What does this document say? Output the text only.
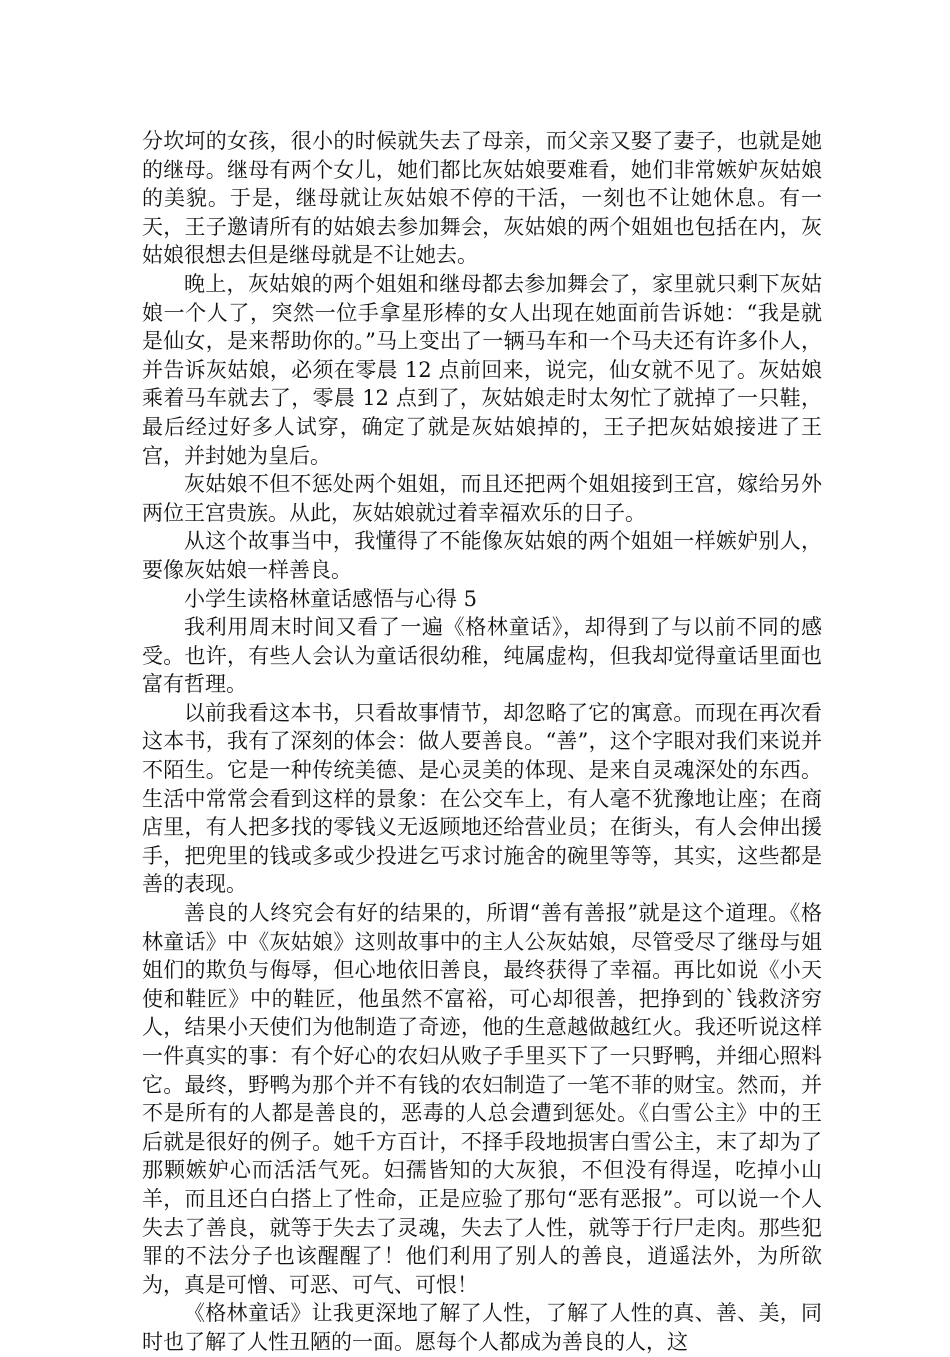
分坎坷的女孩，很小的时候就失去了母亲，而父亲又娶了妻子，也就是她的继母。继母有两个女儿，她们都比灰姑娘要难看，她们非常嫉妒灰姑娘的美貌。于是，继母就让灰姑娘不停的干活，一刻也不让她休息。有一天，王子邀请所有的姑娘去参加舞会，灰姑娘的两个姐姐也包括在内，灰姑娘很想去但是继母就是不让她去。

晚上，灰姑娘的两个姐姐和继母都去参加舞会了，家里就只剩下灰姑娘一个人了，突然一位手拿星形棒的女人出现在她面前告诉她：“我是就是仙女，是来帮助你的。”马上变出了一辆马车和一个马夫还有许多仆人，并告诉灰姑娘，必须在零晨 12 点前回来，说完，仙女就不见了。灰姑娘乘着马车就去了，零晨 12 点到了，灰姑娘走时太匆忙了就掉了一只鞋，最后经过好多人试穿，确定了就是灰姑娘掉的，王子把灰姑娘接进了王宫，并封她为皇后。

灰姑娘不但不惩处两个姐姐，而且还把两个姐姐接到王宫，嫁给另外两位王宫贵族。从此，灰姑娘就过着幸福欢乐的日子。

从这个故事当中，我懂得了不能像灰姑娘的两个姐姐一样嫉妒别人，要像灰姑娘一样善良。

小学生读格林童话感悟与心得 5

我利用周末时间又看了一遍《格林童话》，却得到了与以前不同的感受。也许，有些人会认为童话很幼稚，纯属虚构，但我却觉得童话里面也富有哲理。

以前我看这本书，只看故事情节，却忽略了它的寓意。而现在再次看这本书，我有了深刻的体会：做人要善良。“善”，这个字眼对我们来说并不陌生。它是一种传统美德、是心灵美的体现、是来自灵魂深处的东西。生活中常常会看到这样的景象：在公交车上，有人毫不犹豫地让座；在商店里，有人把多找的零钱义无返顾地还给营业员；在街头，有人会伸出援手，把兜里的钱或多或少投进乞丐求讨施舍的碗里等等，其实，这些都是善的表现。

善良的人终究会有好的结果的，所谓“善有善报”就是这个道理。《格林童话》中《灰姑娘》这则故事中的主人公灰姑娘，尽管受尽了继母与姐姐们的欺负与侮辱，但心地依旧善良，最终获得了幸福。再比如说《小天使和鞋匠》中的鞋匠，他虽然不富裕，可心却很善，把挣到的`钱救济穷人，结果小天使们为他制造了奇迹，他的生意越做越红火。我还听说这样一件真实的事：有个好心的农妇从败子手里买下了一只野鸭，并细心照料它。最终，野鸭为那个并不有钱的农妇制造了一笔不菲的财宝。然而，并不是所有的人都是善良的，恶毒的人总会遭到惩处。《白雪公主》中的王后就是很好的例子。她千方百计，不择手段地损害白雪公主，末了却为了那颗嫉妒心而活活气死。妇孺皆知的大灰狼，不但没有得逞，吃掉小山羊，而且还白白搭上了性命，正是应验了那句“恶有恶报”。可以说一个人失去了善良，就等于失去了灵魂，失去了人性，就等于行尸走肉。那些犯罪的不法分子也该醒醒了！他们利用了别人的善良，逍遥法外，为所欲为，真是可憎、可恶、可气、可恨！

《格林童话》让我更深地了解了人性，了解了人性的真、善、美，同时也了解了人性丑陋的一面。愿每个人都成为善良的人，这
